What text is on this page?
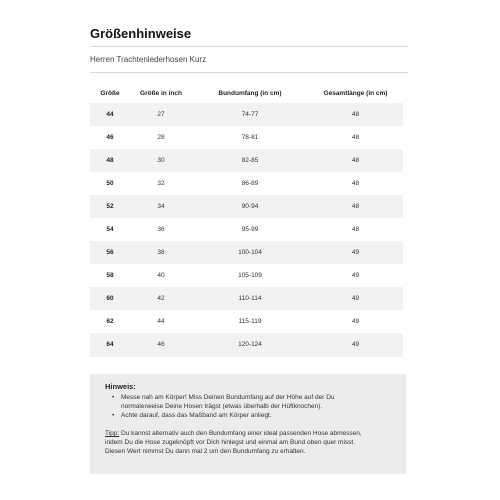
Größenhinweise
Herren Trachtenlederhosen Kurz
Größe	Größe in inch	Bundumfang (in cm)	Gesamtlänge (in cm)
44	27	74-77	48
46	28	78-81	48
48	30	82-85	48
50	32	86-89	48
52	34	90-94	48
54	36	95-99	48
56	38	100-104	49
58	40	105-109	49
60	42	110-114	49
62	44	115-119	49
64	46	120-124	49
Hinweis:
• Messe nah am Körper! Miss Deinen Bundumfang auf der Höhe auf der Du
normalerweise Deine Hosen trägst (etwas überhalb der Hüftknochen).
• Achte darauf, dass das Maßband am Körper anliegt.
Tipp: Du kannst alternativ auch den Bundumfang einer ideal passenden Hose abmessen,
indem Du die Hose zugeknöpft vor Dich hinlegst und einmal am Bund oben quer misst.
Diesen Wert nimmst Du dann mal 2 um den Bundumfang zu erhalten.
